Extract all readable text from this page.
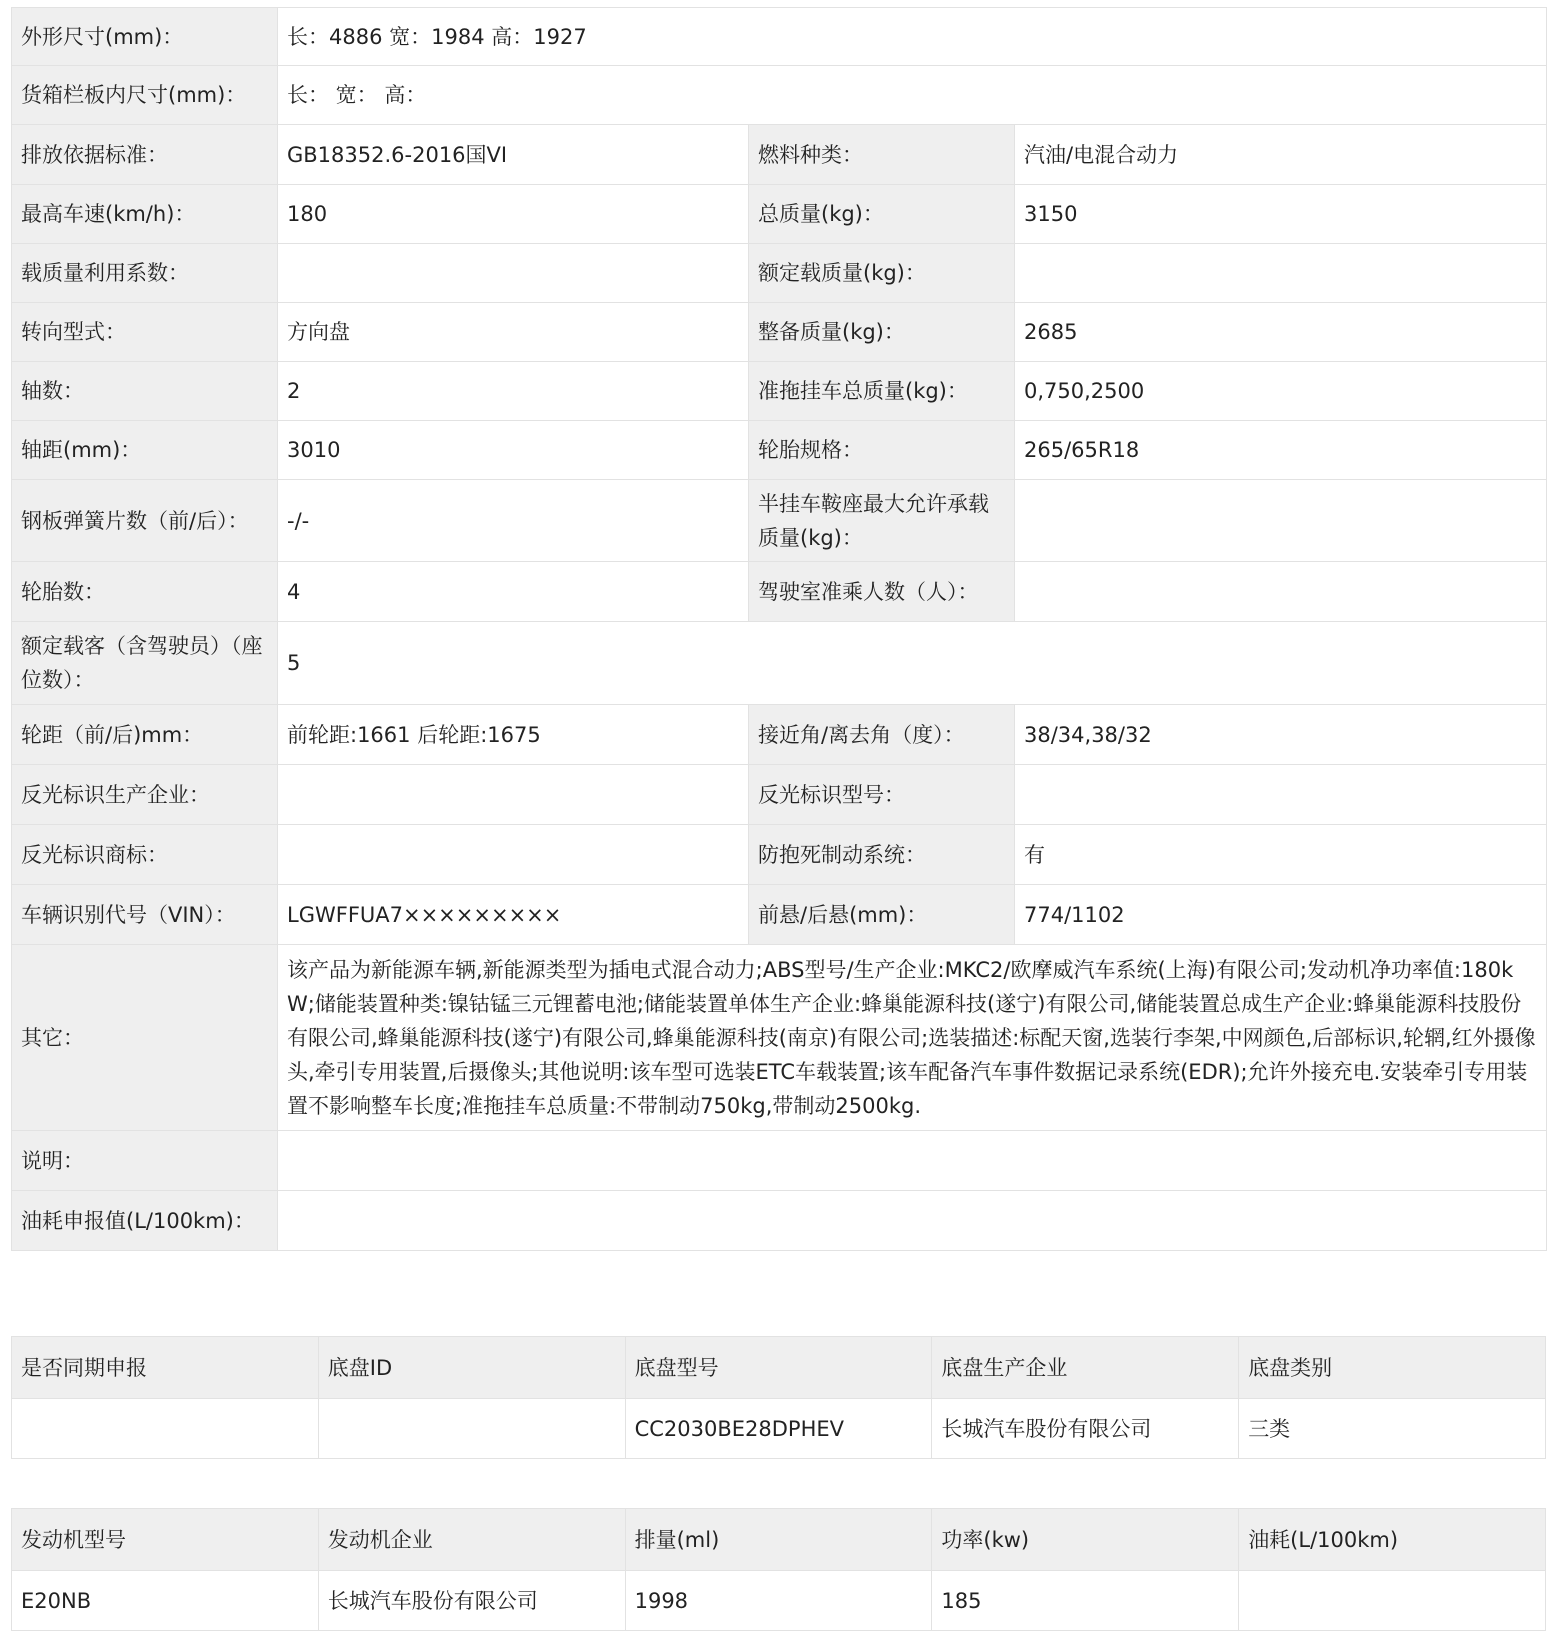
外形尺寸(mm)：	长：4886 宽：1984 高：1927		
货箱栏板内尺寸(mm)：	长： 宽： 高：		
排放依据标准：	GB18352.6-2016国VI	燃料种类：	汽油/电混合动力
最高车速(km/h)：	180	总质量(kg)：	3150
载质量利用系数：		额定载质量(kg)：	
转向型式：	方向盘	整备质量(kg)：	2685
轴数：	2	准拖挂车总质量(kg)：	0,750,2500
轴距(mm)：	3010	轮胎规格：	265/65R18
钢板弹簧片数（前/后）：	-/-	半挂车鞍座最大允许承载质量(kg)：	
轮胎数：	4	驾驶室准乘人数（人）：	
额定载客（含驾驶员）（座位数）：	5		
轮距（前/后)mm：	前轮距:1661 后轮距:1675	接近角/离去角（度）：	38/34,38/32
反光标识生产企业：		反光标识型号：	
反光标识商标：		防抱死制动系统：	有
车辆识别代号（VIN）：	LGWFFUA7×××××××××	前悬/后悬(mm)：	774/1102
其它：	该产品为新能源车辆,新能源类型为插电式混合动力;ABS型号/生产企业:MKC2/欧摩威汽车系统(上海)有限公司;发动机净功率值:180kW;储能装置种类:镍钴锰三元锂蓄电池;储能装置单体生产企业:蜂巢能源科技(遂宁)有限公司,储能装置总成生产企业:蜂巢能源科技股份有限公司,蜂巢能源科技(遂宁)有限公司,蜂巢能源科技(南京)有限公司;选装描述:标配天窗,选装行李架,中网颜色,后部标识,轮辋,红外摄像头,牵引专用装置,后摄像头;其他说明:该车型可选装ETC车载装置;该车配备汽车事件数据记录系统(EDR);允许外接充电.安装牵引专用装置不影响整车长度;准拖挂车总质量:不带制动750kg,带制动2500kg.		
说明：			
油耗申报值(L/100km)：			
是否同期申报	底盘ID	底盘型号	底盘生产企业	底盘类别
		CC2030BE28DPHEV	长城汽车股份有限公司	三类
发动机型号	发动机企业	排量(ml)	功率(kw)	油耗(L/100km)
E20NB	长城汽车股份有限公司	1998	185	
